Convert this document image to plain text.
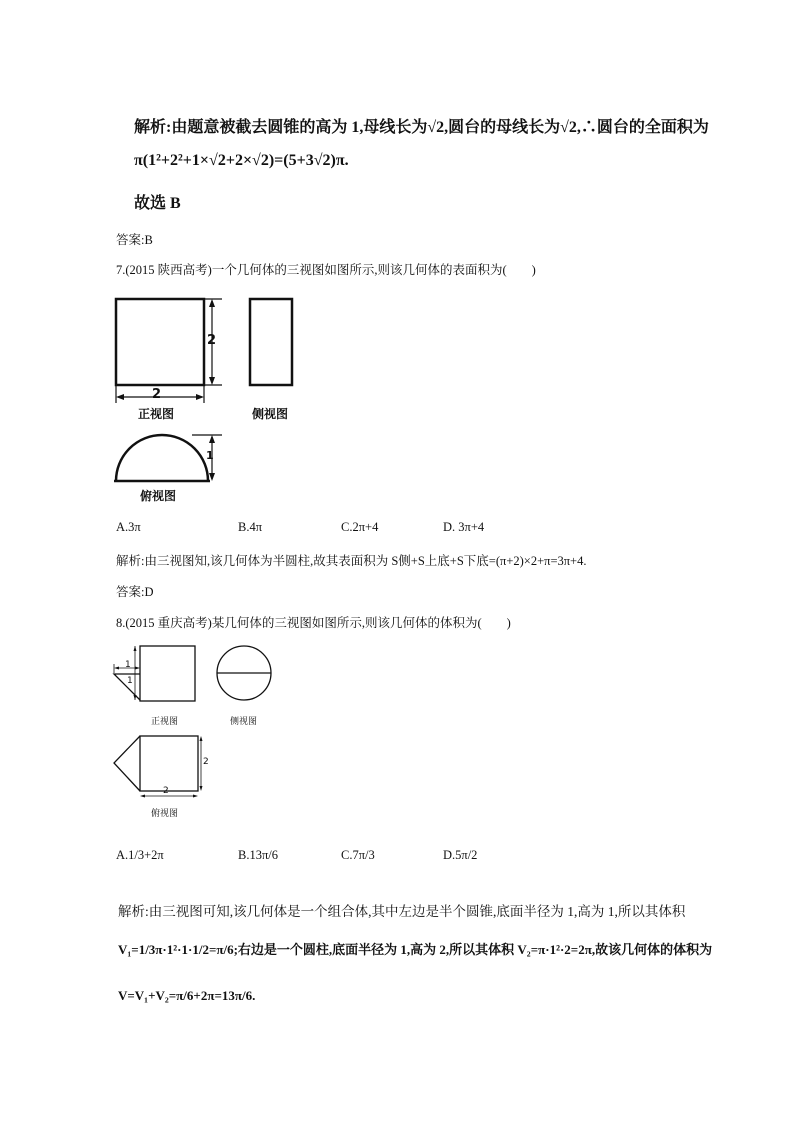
解析:由题意被截去圆锥的高为 1,母线长为√2,圆台的母线长为√2,∴圆台的全面积为
π(1²+2²+1×√2+2×√2)=(5+3√2)π.
故选 B
答案:B
7.(2015 陕西高考)一个几何体的三视图如图所示,则该几何体的表面积为(　　)
2
2
1
正视图	侧视图
俯视图
A.3π	B.4π	C.2π+4	D. 3π+4
解析:由三视图知,该几何体为半圆柱,故其表面积为 S侧+S上底+S下底=(π+2)×2+π=3π+4.
答案:D
8.(2015 重庆高考)某几何体的三视图如图所示,则该几何体的体积为(　　)
1
1
2
2
正视图	侧视图
俯视图
A.1/3+2π	B.13π/6	C.7π/3	D.5π/2
解析:由三视图可知,该几何体是一个组合体,其中左边是半个圆锥,底面半径为 1,高为 1,所以其体积
V₁=1/3π·1²·1·1/2=π/6;右边是一个圆柱,底面半径为 1,高为 2,所以其体积 V₂=π·1²·2=2π,故该几何体的体积为
V=V₁+V₂=π/6+2π=13π/6.
